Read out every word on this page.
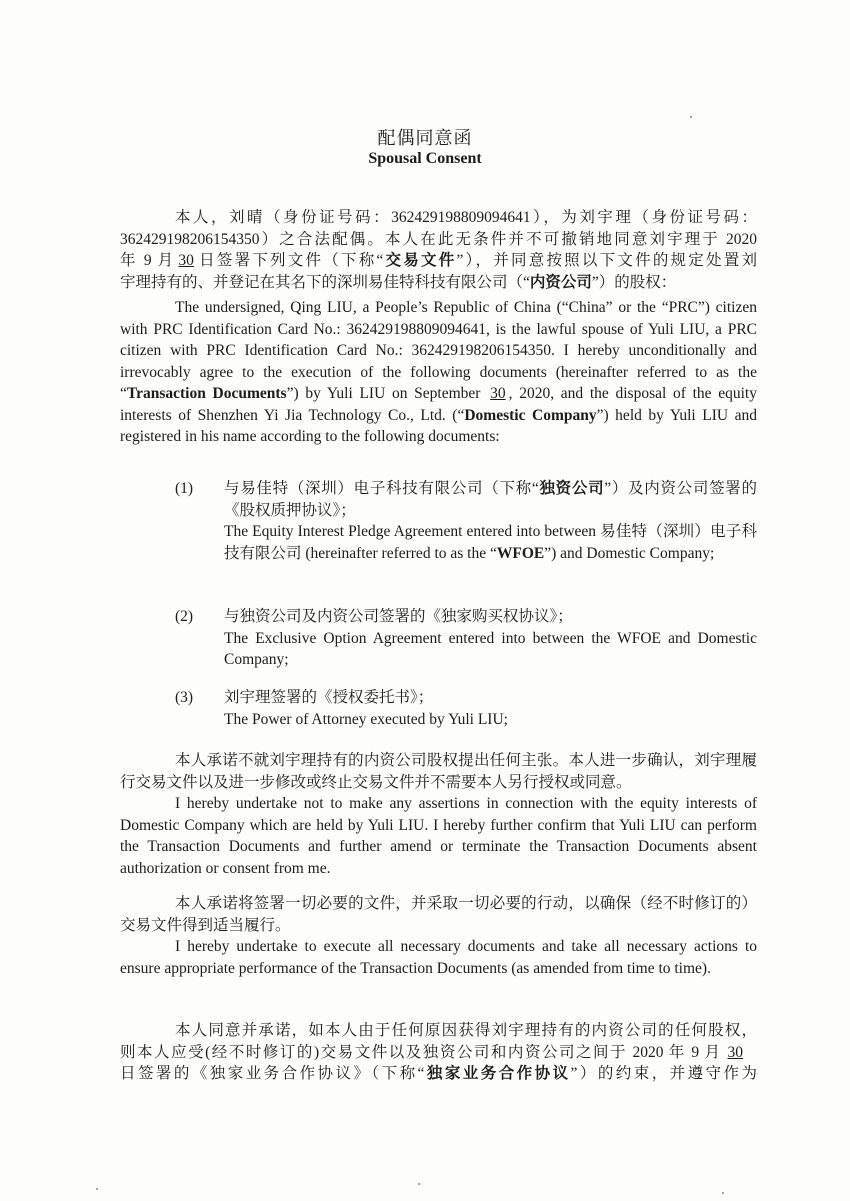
配偶同意函
Spousal Consent

本人，刘晴（身份证号码：362429198809094641），为刘宇理（身份证号码：

362429198206154350）之合法配偶。本人在此无条件并不可撤销地同意刘宇理于 2020

年 9 月 30 日签署下列文件（下称“交易文件”），并同意按照以下文件的规定处置刘

宇理持有的、并登记在其名下的深圳易佳特科技有限公司（“内资公司”）的股权：

The undersigned, Qing LIU, a People’s Republic of China (“China” or the “PRC”) citizen with PRC Identification Card No.: 362429198809094641, is the lawful spouse of Yuli LIU, a PRC citizen with PRC Identification Card No.: 362429198206154350. I hereby unconditionally and irrevocably agree to the execution of the following documents (hereinafter referred to as the “Transaction Documents”) by Yuli LIU on September 30 , 2020, and the disposal of the equity interests of Shenzhen Yi Jia Technology Co., Ltd. (“Domestic Company”) held by Yuli LIU and registered in his name according to the following documents:

(1) 与易佳特（深圳）电子科技有限公司（下称“独资公司”）及内资公司签署的《股权质押协议》；

The Equity Interest Pledge Agreement entered into between 易佳特（深圳）电子科技有限公司 (hereinafter referred to as the “WFOE”) and Domestic Company;

(2) 与独资公司及内资公司签署的《独家购买权协议》；

The Exclusive Option Agreement entered into between the WFOE and Domestic Company;

(3) 刘宇理签署的《授权委托书》；

The Power of Attorney executed by Yuli LIU;

本人承诺不就刘宇理持有的内资公司股权提出任何主张。本人进一步确认，刘宇理履行交易文件以及进一步修改或终止交易文件并不需要本人另行授权或同意。

I hereby undertake not to make any assertions in connection with the equity interests of Domestic Company which are held by Yuli LIU. I hereby further confirm that Yuli LIU can perform the Transaction Documents and further amend or terminate the Transaction Documents absent authorization or consent from me.

本人承诺将签署一切必要的文件，并采取一切必要的行动，以确保（经不时修订的）交易文件得到适当履行。

I hereby undertake to execute all necessary documents and take all necessary actions to ensure appropriate performance of the Transaction Documents (as amended from time to time).

本人同意并承诺，如本人由于任何原因获得刘宇理持有的内资公司的任何股权，

则本人应受(经不时修订的)交易文件以及独资公司和内资公司之间于 2020 年 9 月 30

日签署的《独家业务合作协议》（下称“独家业务合作协议”）的约束，并遵守作为
